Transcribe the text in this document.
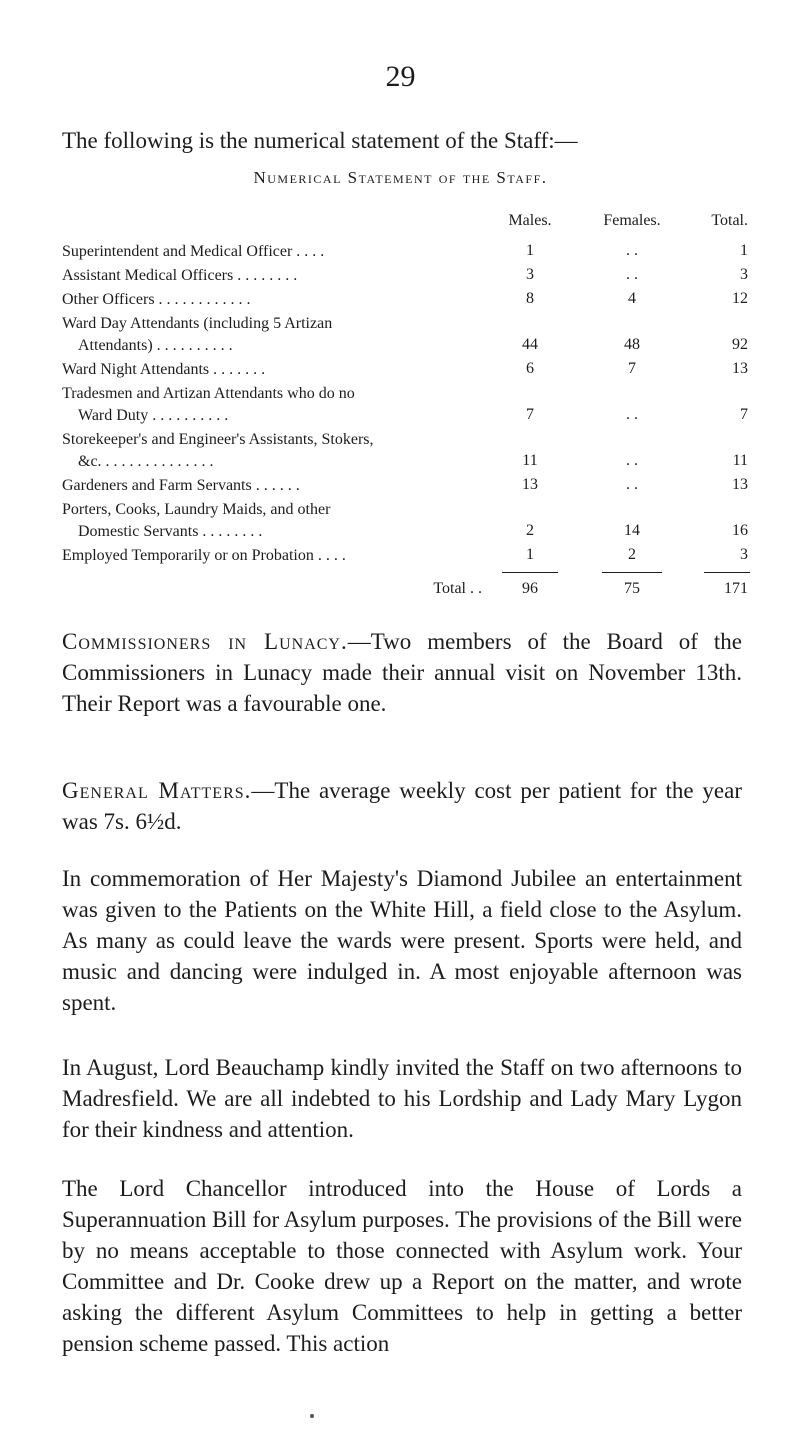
29

The following is the numerical statement of the Staff:—

Numerical Statement of the Staff.
Males.	Females.	Total.
Superintendent and Medical Officer . . . .	1	. .	1
Assistant Medical Officers . . . . . . . .	3	. .	3
Other Officers . . . . . . . . . . . .	8	4	12
Ward Day Attendants (including 5 Artizan
Attendants) . . . . . . . . . .	44	48	92
Ward Night Attendants . . . . . . .	6	7	13
Tradesmen and Artizan Attendants who do no
Ward Duty . . . . . . . . . .	7	. .	7
Storekeeper's and Engineer's Assistants, Stokers,
&c. . . . . . . . . . . . . . .	11	. .	11
Gardeners and Farm Servants . . . . . .	13	. .	13
Porters, Cooks, Laundry Maids, and other
Domestic Servants . . . . . . . .	2	14	16
Employed Temporarily or on Probation . . . .	1	2	3
Total . .	96	75	171

Commissioners in Lunacy.—Two members of the Board of the Commissioners in Lunacy made their annual visit on November 13th. Their Report was a favourable one.

General Matters.—The average weekly cost per patient for the year was 7s. 6½d.

In commemoration of Her Majesty's Diamond Jubilee an entertainment was given to the Patients on the White Hill, a field close to the Asylum. As many as could leave the wards were present. Sports were held, and music and dancing were indulged in. A most enjoyable afternoon was spent.

In August, Lord Beauchamp kindly invited the Staff on two afternoons to Madresfield. We are all indebted to his Lordship and Lady Mary Lygon for their kindness and attention.

The Lord Chancellor introduced into the House of Lords a Superannuation Bill for Asylum purposes. The provisions of the Bill were by no means acceptable to those connected with Asylum work. Your Committee and Dr. Cooke drew up a Report on the matter, and wrote asking the different Asylum Committees to help in getting a better pension scheme passed. This action
